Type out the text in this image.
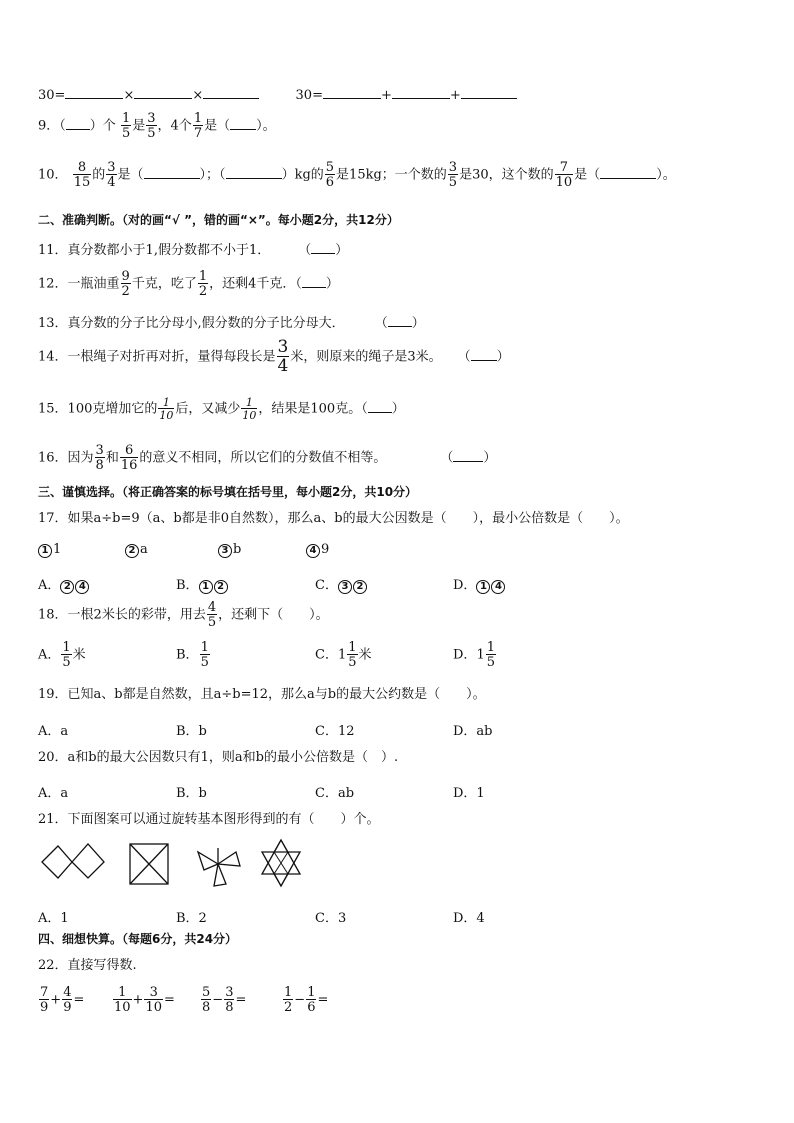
30=	×	×	30=	+	+
9．（ ）个 $\frac{1}{5}$ 是 $\frac{3}{5}$ ，4个 $\frac{1}{7}$ 是（ ）。
10． $\frac{8}{15}$ 的 $\frac{3}{4}$ 是（	）；（	）kg的 $\frac{5}{6}$ 是15kg；一个数的 $\frac{3}{5}$ 是30，这个数的 $\frac{7}{10}$ 是（	）。
二、准确判断。（对的画“√ ”，错的画“×”。每小题2分，共12分）
11．真分数都小于1,假分数都不小于1． （ ）
12．一瓶油重 $\frac{9}{2}$ 千克，吃了 $\frac{1}{2}$ ，还剩4千克．（ ）
13．真分数的分子比分母小,假分数的分子比分母大． （ ）
14．一根绳子对折再对折，量得每段长是 $\frac{3}{4}$ 米，则原来的绳子是3米。 （ ）
15．100克增加它的 $\frac{1}{10}$ 后，又减少 $\frac{1}{10}$ ，结果是100克。（ ）
16．因为 $\frac{3}{8}$ 和 $\frac{6}{16}$ 的意义不相同，所以它们的分数值不相等。	（ ）
三、谨慎选择。（将正确答案的标号填在括号里，每小题2分，共10分）
17．如果a÷b=9（a、b都是非0自然数），那么a、b的最大公因数是（　　），最小公倍数是（　　）。
1 1	2 a	3 b	4 9
A． 2 4	B． 1 2	C． 3 2	D． 1 4
18．一根2米长的彩带，用去 $\frac{4}{5}$ ，还剩下（　　）。
A． $\frac{1}{5}$ 米	B． $\frac{1}{5}$	C．$1 \frac{1}{5}$ 米	D．$1 \frac{1}{5}$
19．已知a、b都是自然数，且a÷b=12，那么a与b的最大公约数是（　　）。
A．a	B．b	C．12	D．ab
20．a和b的最大公因数只有1，则a和b的最小公倍数是（　）.
A．a	B．b	C．ab	D．1
21．下面图案可以通过旋转基本图形得到的有（　　）个。
A．1	B．2	C．3	D．4
四、细想快算。（每题6分，共24分）
22．直接写得数.
$\frac{7}{9} + \frac{4}{9} = \frac{1}{10} + \frac{3}{10} = \frac{5}{8} - \frac{3}{8}$ =	$\frac{1}{2} - \frac{1}{6}$ =
